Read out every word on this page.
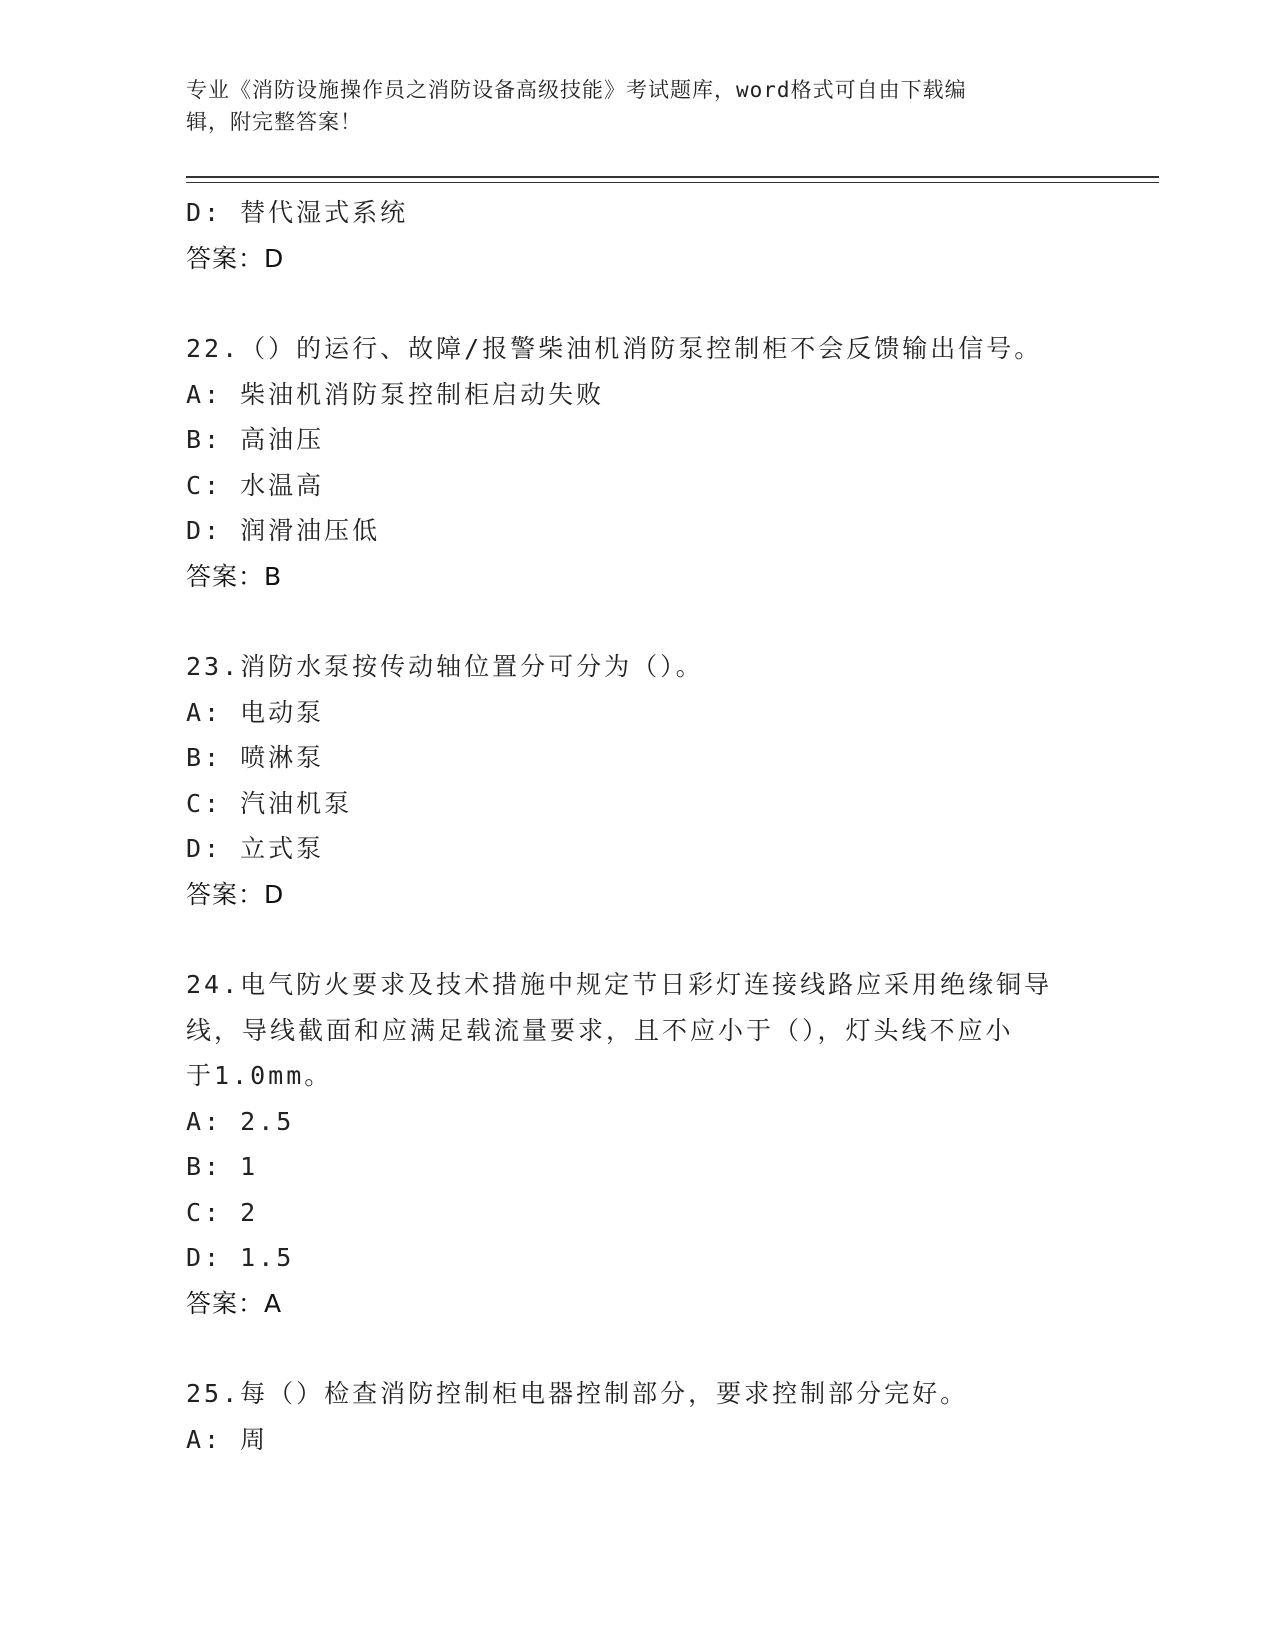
专业《消防设施操作员之消防设备高级技能》考试题库，word格式可自由下载编
辑，附完整答案！
D: 替代湿式系统
答案：D
22.（）的运行、故障/报警柴油机消防泵控制柜不会反馈输出信号。
A: 柴油机消防泵控制柜启动失败
B: 高油压
C: 水温高
D: 润滑油压低
答案：B
23.消防水泵按传动轴位置分可分为（）。
A: 电动泵
B: 喷淋泵
C: 汽油机泵
D: 立式泵
答案：D
24.电气防火要求及技术措施中规定节日彩灯连接线路应采用绝缘铜导
线，导线截面和应满足载流量要求，且不应小于（），灯头线不应小
于1.0mm。
A: 2.5
B: 1
C: 2
D: 1.5
答案：A
25.每（）检查消防控制柜电器控制部分，要求控制部分完好。
A: 周
